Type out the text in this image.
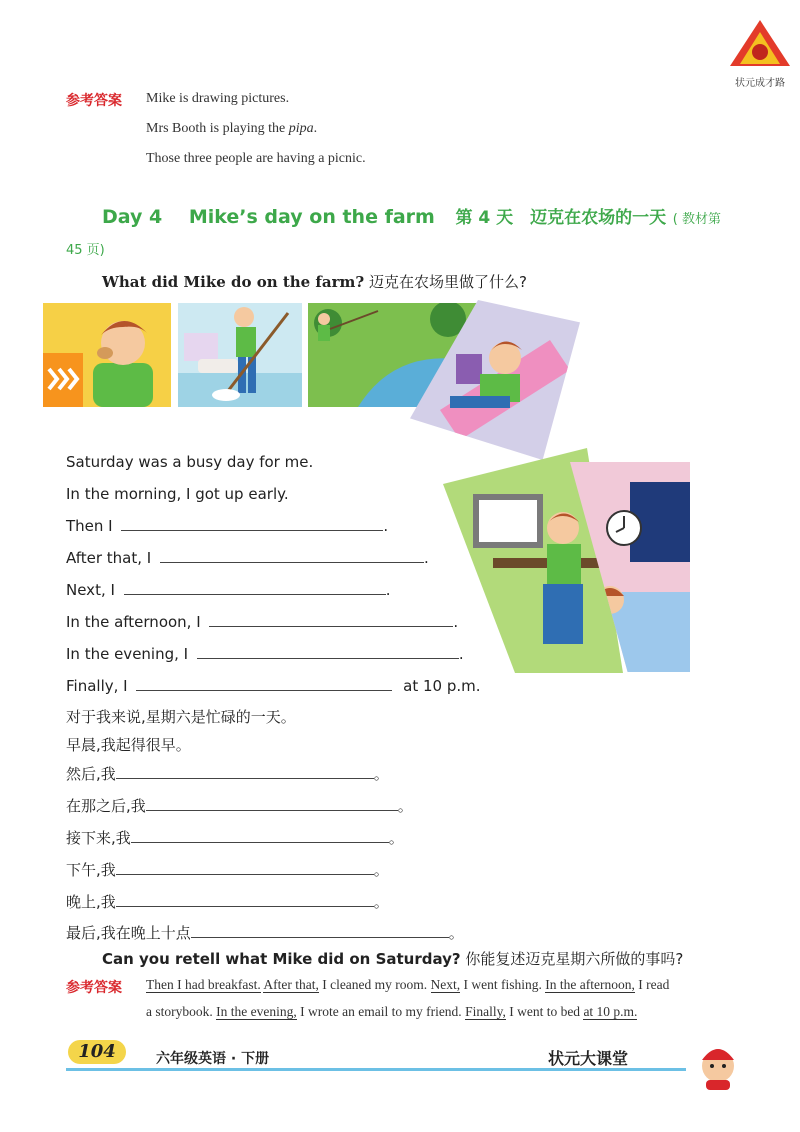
状元成才路
参考答案 Mike is drawing pictures.
Mrs Booth is playing the pipa.
Those three people are having a picnic.
Day 4 Mike’s day on the farm 第 4 天　迈克在农场的一天 ( 教材第
45 页)
What did Mike do on the farm? 迈克在农场里做了什么?
Saturday was a busy day for me.
In the morning, I got up early.
Then I	.
After that, I	.
Next, I	.
In the afternoon, I	.
In the evening, I	.
Finally, I	at 10 p.m.
对于我来说,星期六是忙碌的一天。
早晨,我起得很早。
然后,我	。
在那之后,我	。
接下来,我	。
下午,我	。
晚上,我	。
最后,我在晚上十点	。
Can you retell what Mike did on Saturday? 你能复述迈克星期六所做的事吗?
参考答案 Then I had breakfast. After that, I cleaned my room. Next, I went fishing. In the afternoon, I read
a storybook. In the evening, I wrote an email to my friend. Finally, I went to bed at 10 p.m.
104	六年级英语 · 下册	状元大课堂
